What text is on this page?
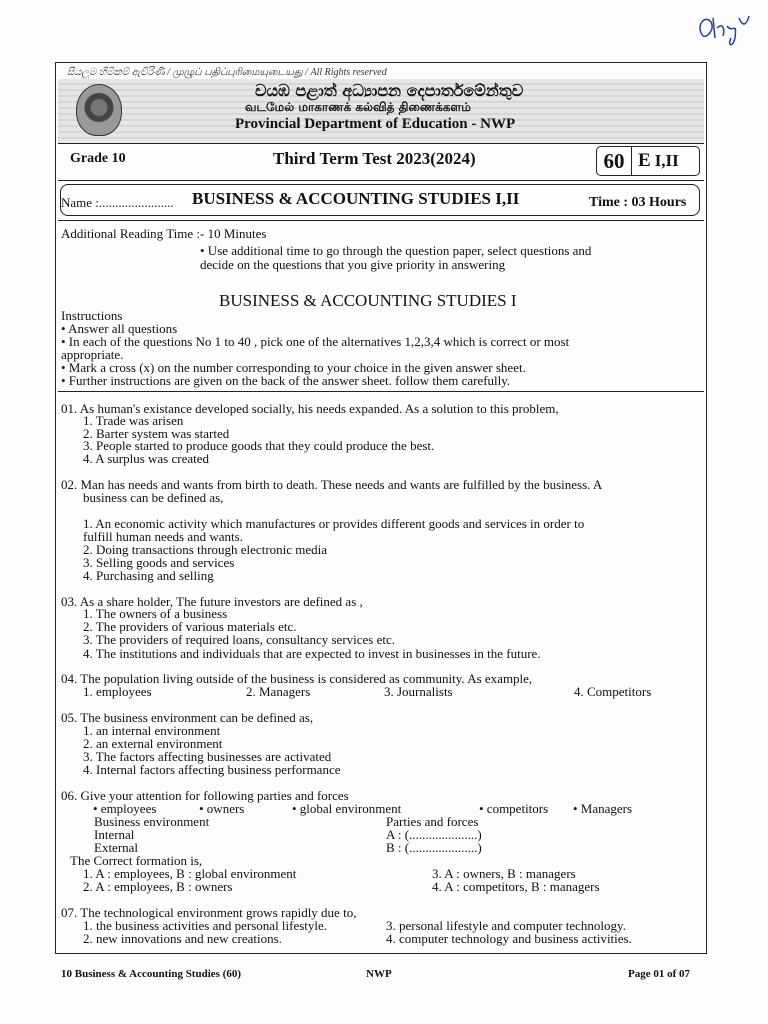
සියලුම හිමිකම් ඇවිරිණි / முழுப் பதிப்புரிமையுடையது / All Rights reserved
වයඹ පළාත් අධ්‍යාපන දෙපාර්තමේන්තුව
வடமேல் மாகாணக் கல்வித் திணைக்களம்
Provincial Department of Education - NWP
Grade 10	Third Term Test 2023(2024)	60 E I,II
Name :....................... BUSINESS & ACCOUNTING STUDIES I,II	Time : 03 Hours
Additional Reading Time :- 10 Minutes
• Use additional time to go through the question paper, select questions and
decide on the questions that you give priority in answering
BUSINESS & ACCOUNTING STUDIES I
Instructions
• Answer all questions
• In each of the questions No 1 to 40 , pick one of the alternatives 1,2,3,4 which is correct or most
appropriate.
• Mark a cross (x) on the number corresponding to your choice in the given answer sheet.
• Further instructions are given on the back of the answer sheet. follow them carefully.
01. As human's existance developed socially, his needs expanded. As a solution to this problem,
1. Trade was arisen
2. Barter system was started
3. People started to produce goods that they could produce the best.
4. A surplus was created
02. Man has needs and wants from birth to death. These needs and wants are fulfilled by the business. A
business can be defined as,
1. An economic activity which manufactures or provides different goods and services in order to
fulfill human needs and wants.
2. Doing transactions through electronic media
3. Selling goods and services
4. Purchasing and selling
03. As a share holder, The future investors are defined as ,
1. The owners of a business
2. The providers of various materials etc.
3. The providers of required loans, consultancy services etc.
4. The institutions and individuals that are expected to invest in businesses in the future.
04. The population living outside of the business is considered as community. As example,
1. employees	2. Managers	3. Journalists	4. Competitors
05. The business environment can be defined as,
1. an internal environment
2. an external environment
3. The factors affecting businesses are activated
4. Internal factors affecting business performance
06. Give your attention for following parties and forces
• employees	• owners	• global environment	• competitors • Managers
Business environment	Parties and forces
Internal	A : (.....................)
External	B : (.....................)
The Correct formation is,
1. A : employees, B : global environment
2. A : employees, B : owners
3. A : owners, B : managers
4. A : competitors, B : managers
07. The technological environment grows rapidly due to,
1. the business activities and personal lifestyle.
2. new innovations and new creations.
3. personal lifestyle and computer technology.
4. computer technology and business activities.
10 Business & Accounting Studies (60)	NWP	Page 01 of 07
